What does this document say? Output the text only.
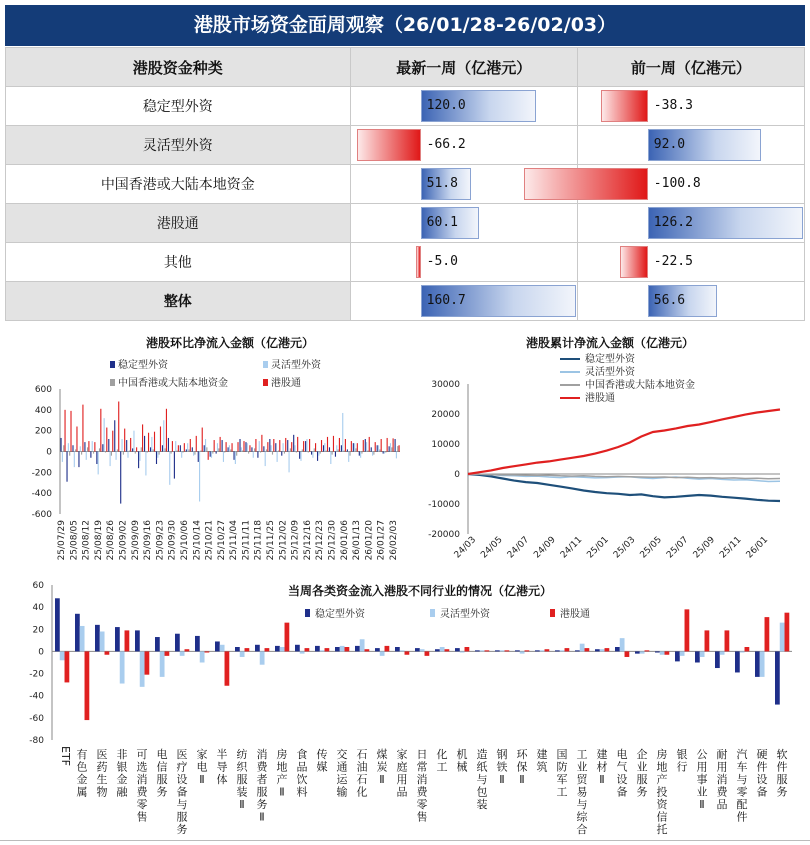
港股市场资金面周观察（26/01/28-26/02/03）
港股资金种类	最新一周（亿港元）	前一周（亿港元）
稳定型外资	120.0	-38.3

灵活型外资	-66.2	92.0

中国香港或大陆本地资金	51.8	-100.8

港股通	60.1	126.2

其他	-5.0	-22.5

整体	160.7	56.6
港股环比净流入金额（亿港元）
稳定型外资	灵活型外资
中国香港或大陆本地资金	港股通
-600
-400
-200
0
200
400
600
25/07/29 25/08/05 25/08/12 25/08/19 25/08/26 25/09/02 25/09/09 25/09/16 25/09/23 25/09/30 25/10/06 25/10/14 25/10/21 25/10/27 25/11/04 25/11/11 25/11/18 25/11/25 25/12/02 25/12/09 25/12/16 25/12/23 25/12/30 26/01/06 26/01/13 26/01/20 26/01/27 26/02/03
港股累计净流入金额（亿港元）
稳定型外资
灵活型外资
中国香港或大陆本地资金
港股通
-20000
-10000
0
10000
20000
30000
24/03 24/05 24/07 24/09 24/11 25/01 25/03 25/05 25/07 25/09 25/11 26/01
当周各类资金流入港股不同行业的情况（亿港元）
稳定型外资	灵活型外资	港股通
-80
-60
-40
-20
0
20
40
60
ETF 有色金属
医药生物
非银金融
可选消费零售
电信服务
医疗设备与服务
家电 Ⅱ
半导体
纺织服装 Ⅱ
消费者服务 Ⅱ
房地产 Ⅱ
食品饮料
传媒
交通运输
石油石化
煤炭 Ⅱ
家庭用品
日常消费零售
化工
机械
造纸与包装
钢铁 Ⅱ
环保 Ⅱ
建筑
国防军工
工业贸易与综合
建材 Ⅱ
电气设备
企业服务
房地产投资信托
银行
公用事业 Ⅱ
耐用消费品
汽车与零配件
硬件设备
软件服务
